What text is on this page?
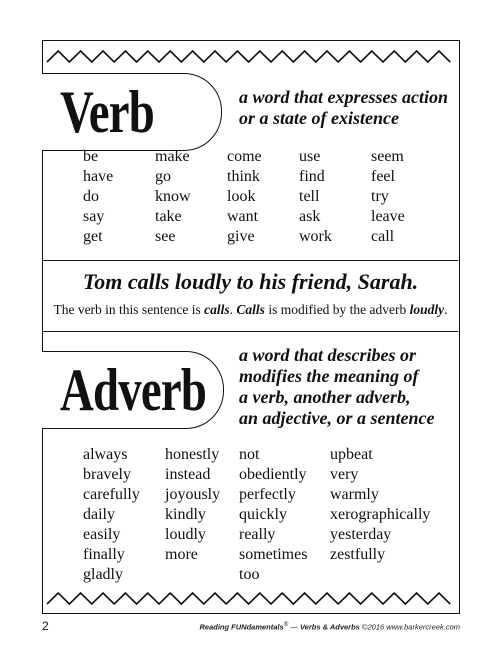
Verb	a word that expresses action
or a state of existence
be
have
do
say
get
make
go
know
take
see
come
think
look
want
give
use
find
tell
ask
work
seem
feel
try
leave
call
Tom calls loudly to his friend, Sarah.
The verb in this sentence is calls. Calls is modified by the adverb loudly.
Adverb
a word that describes or
modifies the meaning of
a verb, another adverb,
an adjective, or a sentence
always
bravely
carefully
daily
easily
finally
gladly
honestly
instead
joyously
kindly
loudly
more
not
obediently
perfectly
quickly
really
sometimes
too
upbeat
very
warmly
xerographically
yesterday
zestfully
2	Reading FUNdamentals® — Verbs & Adverbs ©2016 www.barkercreek.com
